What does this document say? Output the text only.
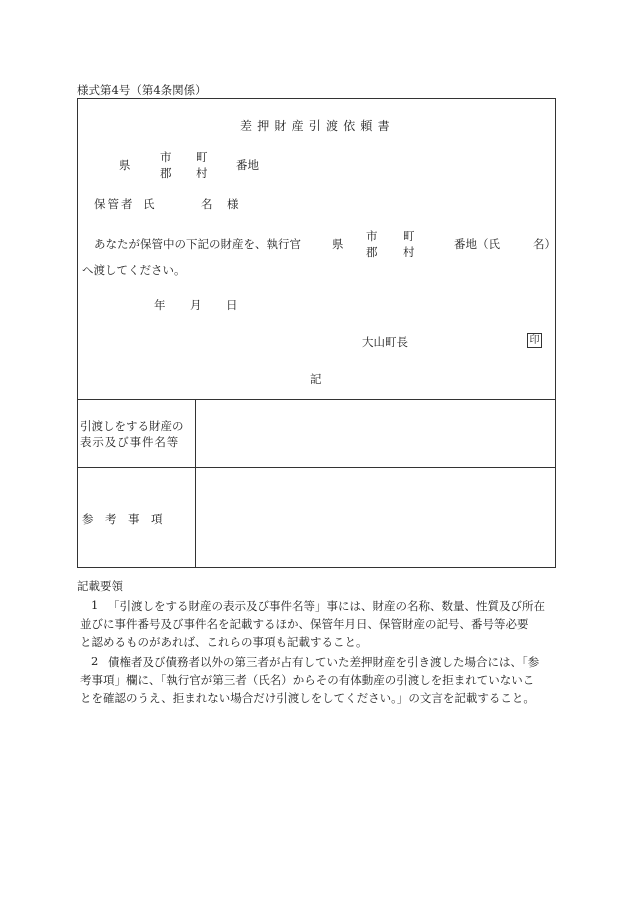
様式第4号（第4条関係）
差押財産引渡依頼書
県
市
郡
町
村
番地
保管者 氏	名 様
あなたが保管中の下記の財産を、執行官	県
市
郡
町
村
番地（氏	名）
へ渡してください。
年 月 日
大山町長	印
記
引渡しをする財産の
表示及び事件名等
参　考　事　項
記載要領
1 「引渡しをする財産の表示及び事件名等」事には、財産の名称、数量、性質及び所在
並びに事件番号及び事件名を記載するほか、保管年月日、保管財産の記号、番号等必要
と認めるものがあれば、これらの事項も記載すること。
2 債権者及び債務者以外の第三者が占有していた差押財産を引き渡した場合には、「参
考事項」欄に、「執行官が第三者（氏名）からその有体動産の引渡しを拒まれていないこ
とを確認のうえ、拒まれない場合だけ引渡しをしてください。」の文言を記載すること。
